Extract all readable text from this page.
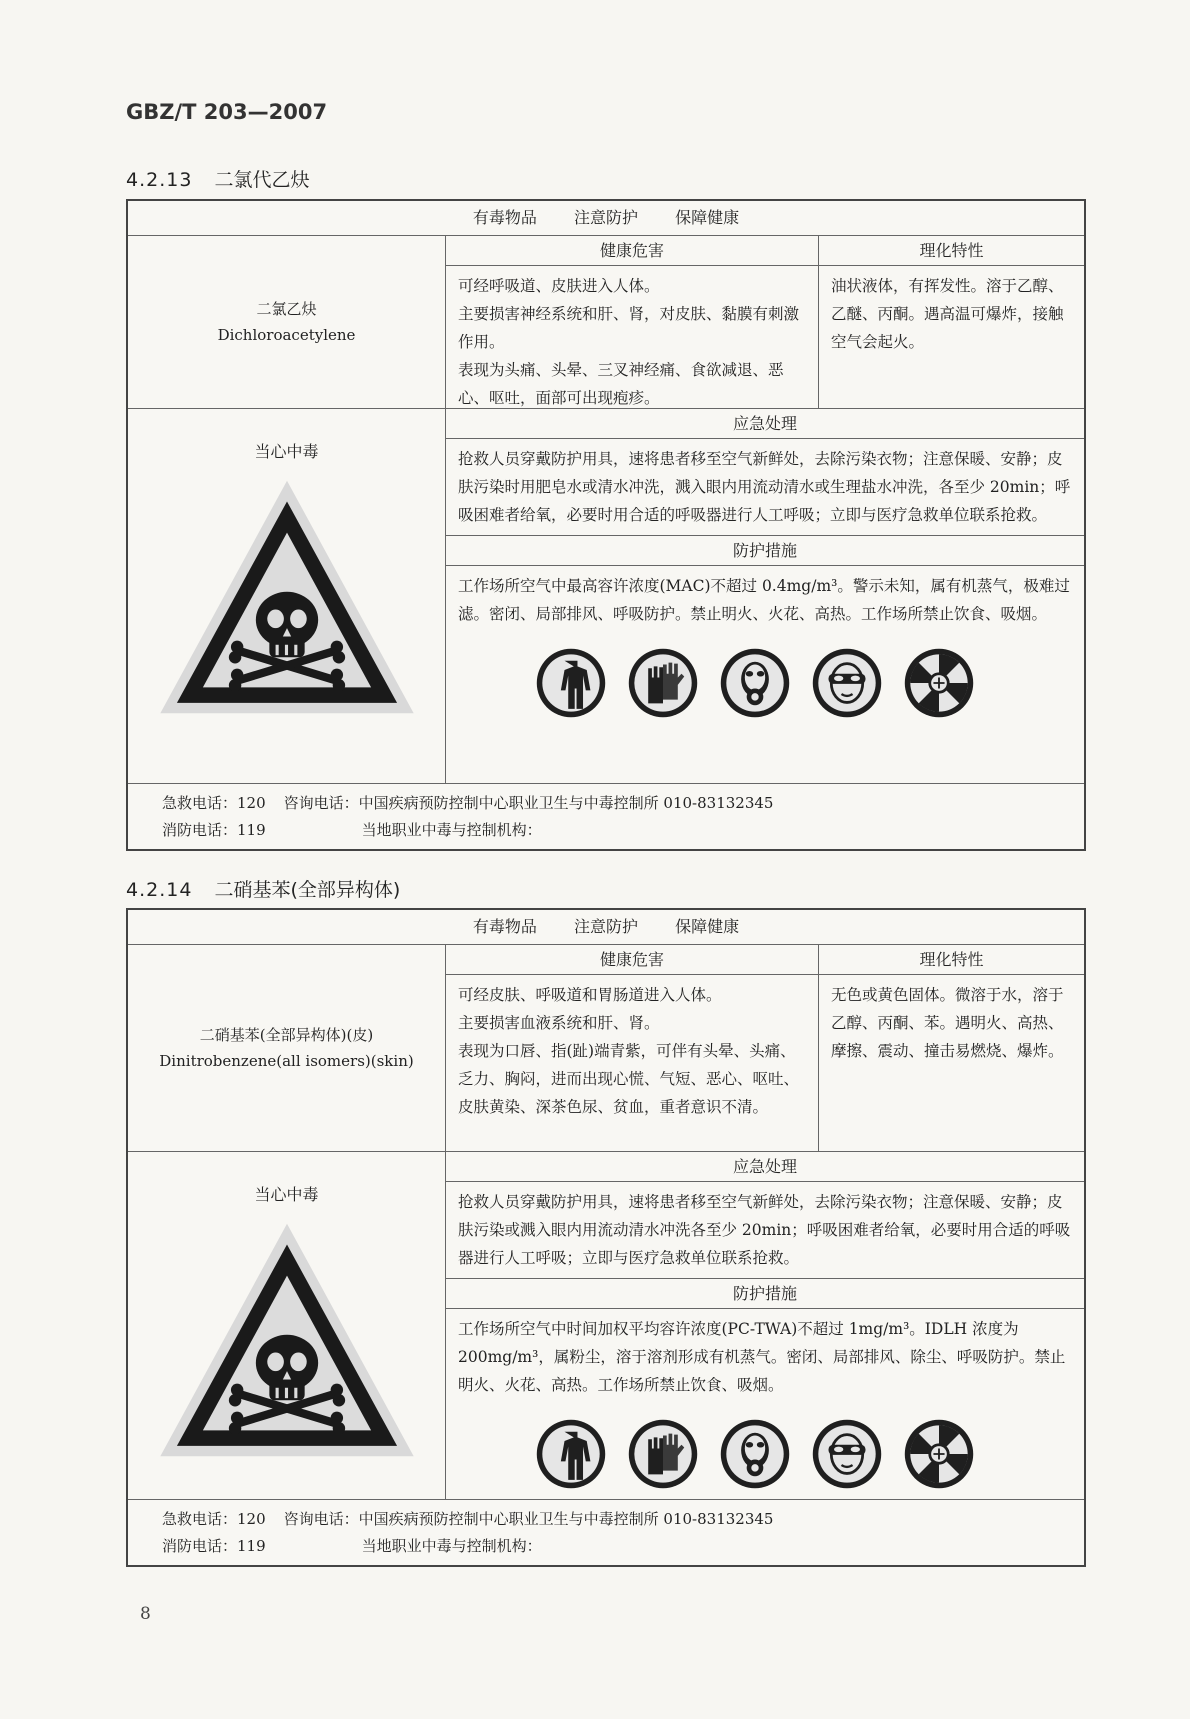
GBZ/T 203—2007
4.2.13 二氯代乙炔
有毒物品 注意防护 保障健康
二氯乙炔
Dichloroacetylene
健康危害
可经呼吸道、皮肤进入人体。
主要损害神经系统和肝、肾，对皮肤、黏膜有刺激作用。
表现为头痛、头晕、三叉神经痛、食欲减退、恶心、呕吐，面部可出现疱疹。
理化特性
油状液体，有挥发性。溶于乙醇、乙醚、丙酮。遇高温可爆炸，接触空气会起火。
当心中毒
应急处理
抢救人员穿戴防护用具，速将患者移至空气新鲜处，去除污染衣物；注意保暖、安静；皮肤污染时用肥皂水或清水冲洗，溅入眼内用流动清水或生理盐水冲洗，各至少 20min；呼吸困难者给氧，必要时用合适的呼吸器进行人工呼吸；立即与医疗急救单位联系抢救。
防护措施
工作场所空气中最高容许浓度(MAC)不超过 0.4mg/m³。警示未知，属有机蒸气，极难过滤。密闭、局部排风、呼吸防护。禁止明火、火花、高热。工作场所禁止饮食、吸烟。
急救电话：120 咨询电话：中国疾病预防控制中心职业卫生与中毒控制所 010-83132345
消防电话：119	当地职业中毒与控制机构：
4.2.14 二硝基苯(全部异构体)
有毒物品 注意防护 保障健康
二硝基苯(全部异构体)(皮)
Dinitrobenzene(all isomers)(skin)
健康危害
可经皮肤、呼吸道和胃肠道进入人体。
主要损害血液系统和肝、肾。
表现为口唇、指(趾)端青紫，可伴有头晕、头痛、乏力、胸闷，进而出现心慌、气短、恶心、呕吐、皮肤黄染、深茶色尿、贫血，重者意识不清。
理化特性
无色或黄色固体。微溶于水，溶于乙醇、丙酮、苯。遇明火、高热、摩擦、震动、撞击易燃烧、爆炸。
当心中毒
应急处理
抢救人员穿戴防护用具，速将患者移至空气新鲜处，去除污染衣物；注意保暖、安静；皮肤污染或溅入眼内用流动清水冲洗各至少 20min；呼吸困难者给氧，必要时用合适的呼吸器进行人工呼吸；立即与医疗急救单位联系抢救。
防护措施
工作场所空气中时间加权平均容许浓度(PC-TWA)不超过 1mg/m³。IDLH 浓度为 200mg/m³，属粉尘，溶于溶剂形成有机蒸气。密闭、局部排风、除尘、呼吸防护。禁止明火、火花、高热。工作场所禁止饮食、吸烟。
急救电话：120 咨询电话：中国疾病预防控制中心职业卫生与中毒控制所 010-83132345
消防电话：119	当地职业中毒与控制机构：
8
